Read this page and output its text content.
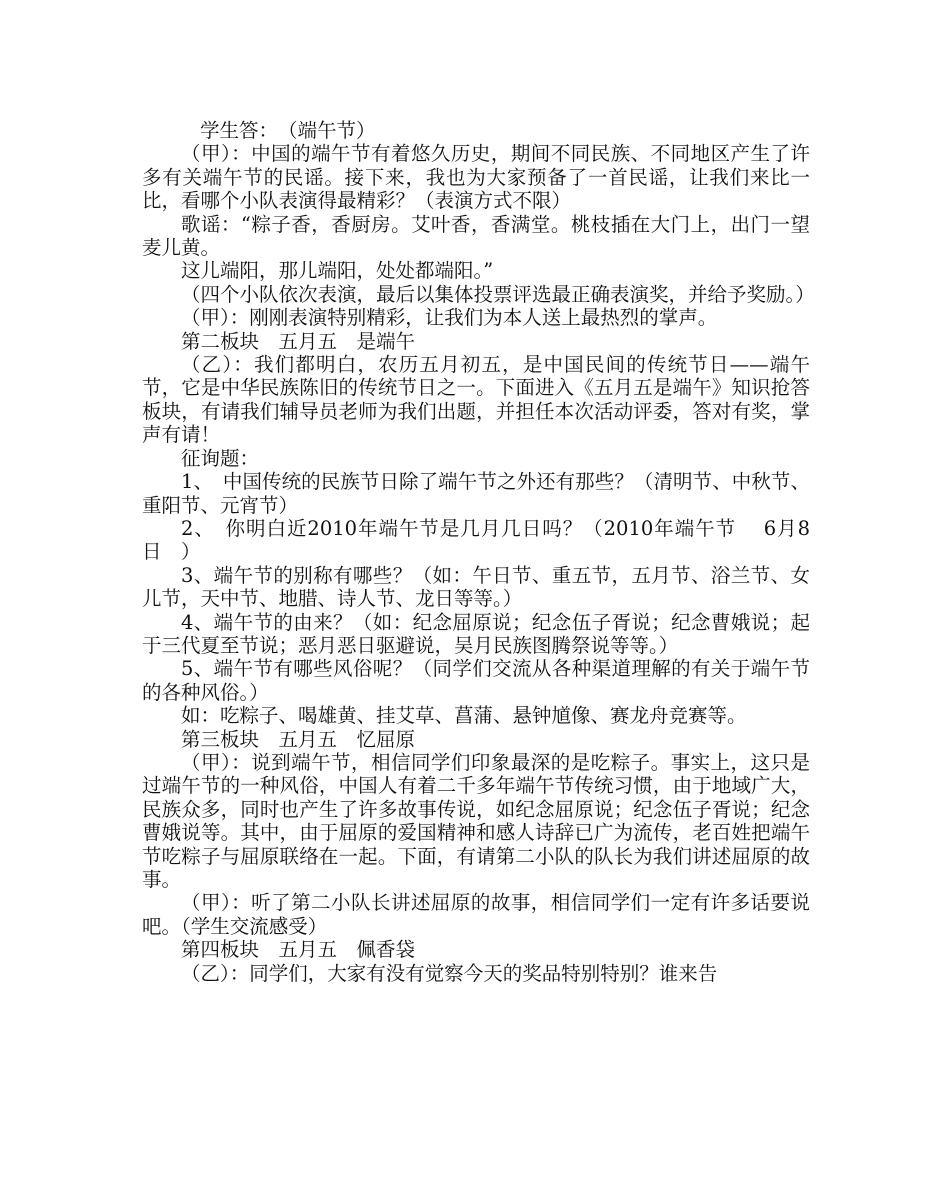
学生答：　（端午节）

（甲）：中国的端午节有着悠久历史，期间不同民族、不同地区产生了许多有关端午节的民谣。接下来，我也为大家预备了一首民谣，让我们来比一比，看哪个小队表演得最精彩？（表演方式不限）

歌谣：“粽子香，香厨房。艾叶香，香满堂。桃枝插在大门上，出门一望麦儿黄。

这儿端阳，那儿端阳，处处都端阳。”

（四个小队依次表演，最后以集体投票评选最正确表演奖，并给予奖励。）

（甲）：刚刚表演特别精彩，让我们为本人送上最热烈的掌声。

第二板块　五月五　是端午

（乙）：我们都明白，农历五月初五，是中国民间的传统节日——端午节，它是中华民族陈旧的传统节日之一。下面进入《五月五是端午》知识抢答板块，有请我们辅导员老师为我们出题，并担任本次活动评委，答对有奖，掌声有请！

征询题：

1、　中国传统的民族节日除了端午节之外还有那些？（清明节、中秋节、重阳节、元宵节）

2、　你明白近2010年端午节是几月几日吗？（2010年端午节　 6月8日　）

3、端午节的别称有哪些？（如：午日节、重五节，五月节、浴兰节、女儿节，天中节、地腊、诗人节、龙日等等。）

4、端午节的由来？（如：纪念屈原说；纪念伍子胥说；纪念曹娥说；起于三代夏至节说；恶月恶日驱避说，吴月民族图腾祭说等等。）

5、端午节有哪些风俗呢？（同学们交流从各种渠道理解的有关于端午节的各种风俗。）

如：吃粽子、喝雄黄、挂艾草、菖蒲、悬钟馗像、赛龙舟竞赛等。

第三板块　五月五　忆屈原

（甲）：说到端午节，相信同学们印象最深的是吃粽子。事实上，这只是过端午节的一种风俗，中国人有着二千多年端午节传统习惯，由于地域广大，民族众多，同时也产生了许多故事传说，如纪念屈原说；纪念伍子胥说；纪念曹娥说等。其中，由于屈原的爱国精神和感人诗辞已广为流传，老百姓把端午节吃粽子与屈原联络在一起。下面，有请第二小队的队长为我们讲述屈原的故事。

（甲）：听了第二小队长讲述屈原的故事，相信同学们一定有许多话要说吧。（学生交流感受）

第四板块　五月五　佩香袋

（乙）：同学们，大家有没有觉察今天的奖品特别特别？谁来告
